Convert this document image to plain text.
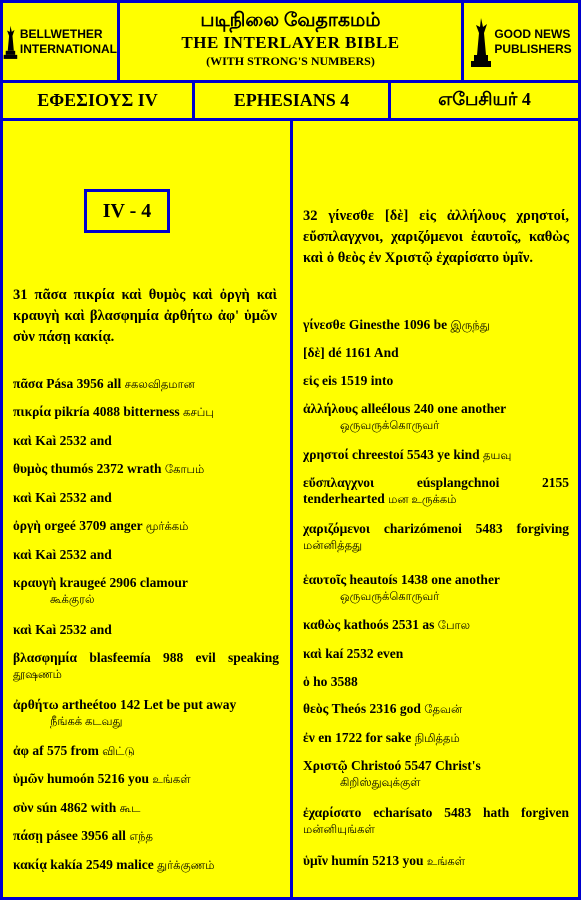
BELLWETHER
INTERNATIONAL
படிநிலை வேதாகமம்
THE INTERLAYER BIBLE
(WITH STRONG'S NUMBERS)
GOOD NEWS
PUBLISHERS
ΕΦΕΣΙΟΥΣ IV	EPHESIANS 4	எபேசியர் 4
IV - 4
31 πᾶσα πικρία καὶ θυμὸς καὶ ὀργὴ καὶ κραυγὴ καὶ βλασφημία ἀρθήτω ἀφ' ὑμῶν σὺν πάσῃ κακίᾳ.
πᾶσα Pása 3956 all சகலவிதமான
πικρία pikría 4088 bitterness கசப்பு
καὶ Kaì 2532 and
θυμὸς thumós 2372 wrath கோபம்
καὶ Kaì 2532 and
ὀργὴ orgeé 3709 anger மூர்க்கம்
καὶ Kaì 2532 and
κραυγὴ kraugeé 2906 clamour
கூக்குரல்
καὶ Kaì 2532 and
βλασφημία blasfeemía 988 evil speaking தூஷணம்
ἀρθήτω artheétoo 142 Let be put away
நீங்கக் கடவது
ἀφ af 575 from விட்டு
ὑμῶν humoón 5216 you உங்கள்
σὺν sún 4862 with கூட
πάσῃ pásee 3956 all எந்த
κακίᾳ kakía 2549 malice துர்க்குணம்
32 γίνεσθε [δὲ] εἰς ἀλλήλους χρηστοί, εὔσπλαγχνοι, χαριζόμενοι ἑαυτοῖς, καθὼς καὶ ὁ θεὸς ἐν Χριστῷ ἐχαρίσατο ὑμῖν.
γίνεσθε Ginesthe 1096 be இருந்து
[δὲ] dé 1161 And
εἰς eis 1519 into
ἀλλήλους alleélous 240 one another
ஒருவருக்கொருவர்
χρηστοί chreestoí 5543 ye kind தயவு
εὔσπλαγχνοι eúsplangchnoi 2155 tenderhearted மன உருக்கம்
χαριζόμενοι charizómenoi 5483 forgiving மன்னித்தது
ἑαυτοῖς heautoís 1438 one another
ஒருவருக்கொருவர்
καθὼς kathoós 2531 as போல
καὶ kaí 2532 even
ὁ ho 3588
θεὸς Theós 2316 god தேவன்
ἐν en 1722 for sake நிமித்தம்
Χριστῷ Christoó 5547 Christ's
கிறிஸ்துவுக்குள்
ἐχαρίσατο echarísato 5483 hath forgiven மன்னியுங்கள்
ὑμῖν humín 5213 you உங்கள்
